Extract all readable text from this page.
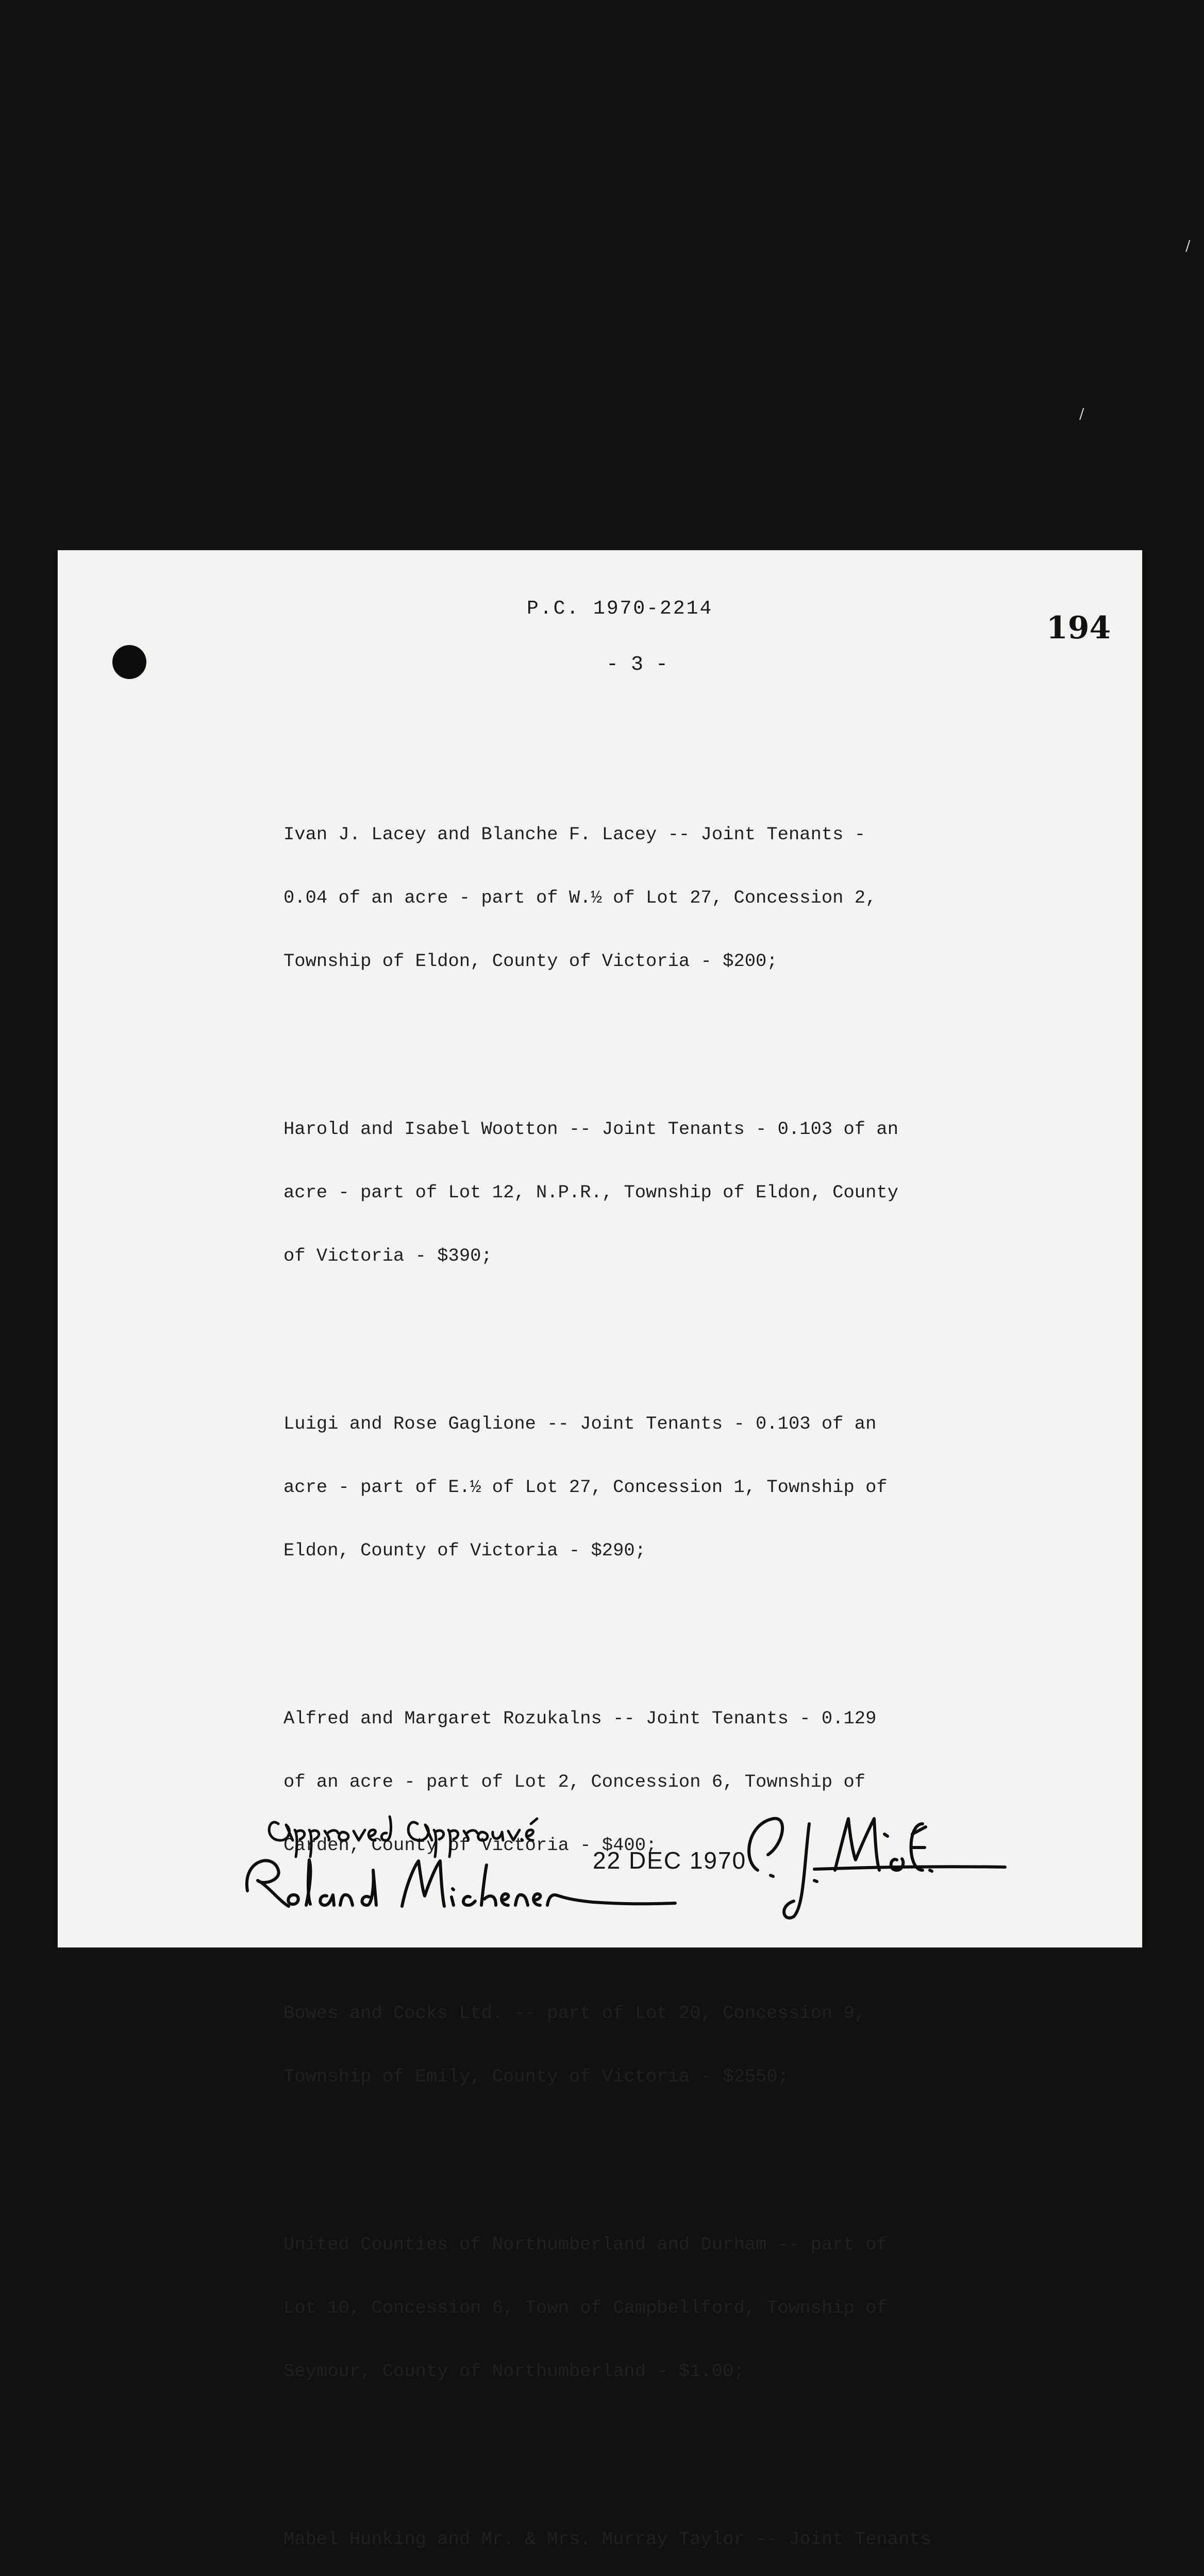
/
/
P.C. 1970-2214
194
- 3 -

Ivan J. Lacey and Blanche F. Lacey -- Joint Tenants -

0.04 of an acre - part of W.½ of Lot 27, Concession 2,

Township of Eldon, County of Victoria - $200;

Harold and Isabel Wootton -- Joint Tenants - 0.103 of an

acre - part of Lot 12, N.P.R., Township of Eldon, County

of Victoria - $390;

Luigi and Rose Gaglione -- Joint Tenants - 0.103 of an

acre - part of E.½ of Lot 27, Concession 1, Township of

Eldon, County of Victoria - $290;

Alfred and Margaret Rozukalns -- Joint Tenants - 0.129

of an acre - part of Lot 2, Concession 6, Township of

Carden, County of Victoria - $400;

Bowes and Cocks Ltd. -- part of Lot 20, Concession 9,

Township of Emily, County of Victoria - $2550;

United Counties of Northumberland and Durham -- part of

Lot 10, Concession 6, Town of Campbellford, Township of

Seymour, County of Northumberland - $1.00;

Mabel Hunking and Mr. & Mrs. Murray Taylor -- Joint Tenants

22 DEC 1970
